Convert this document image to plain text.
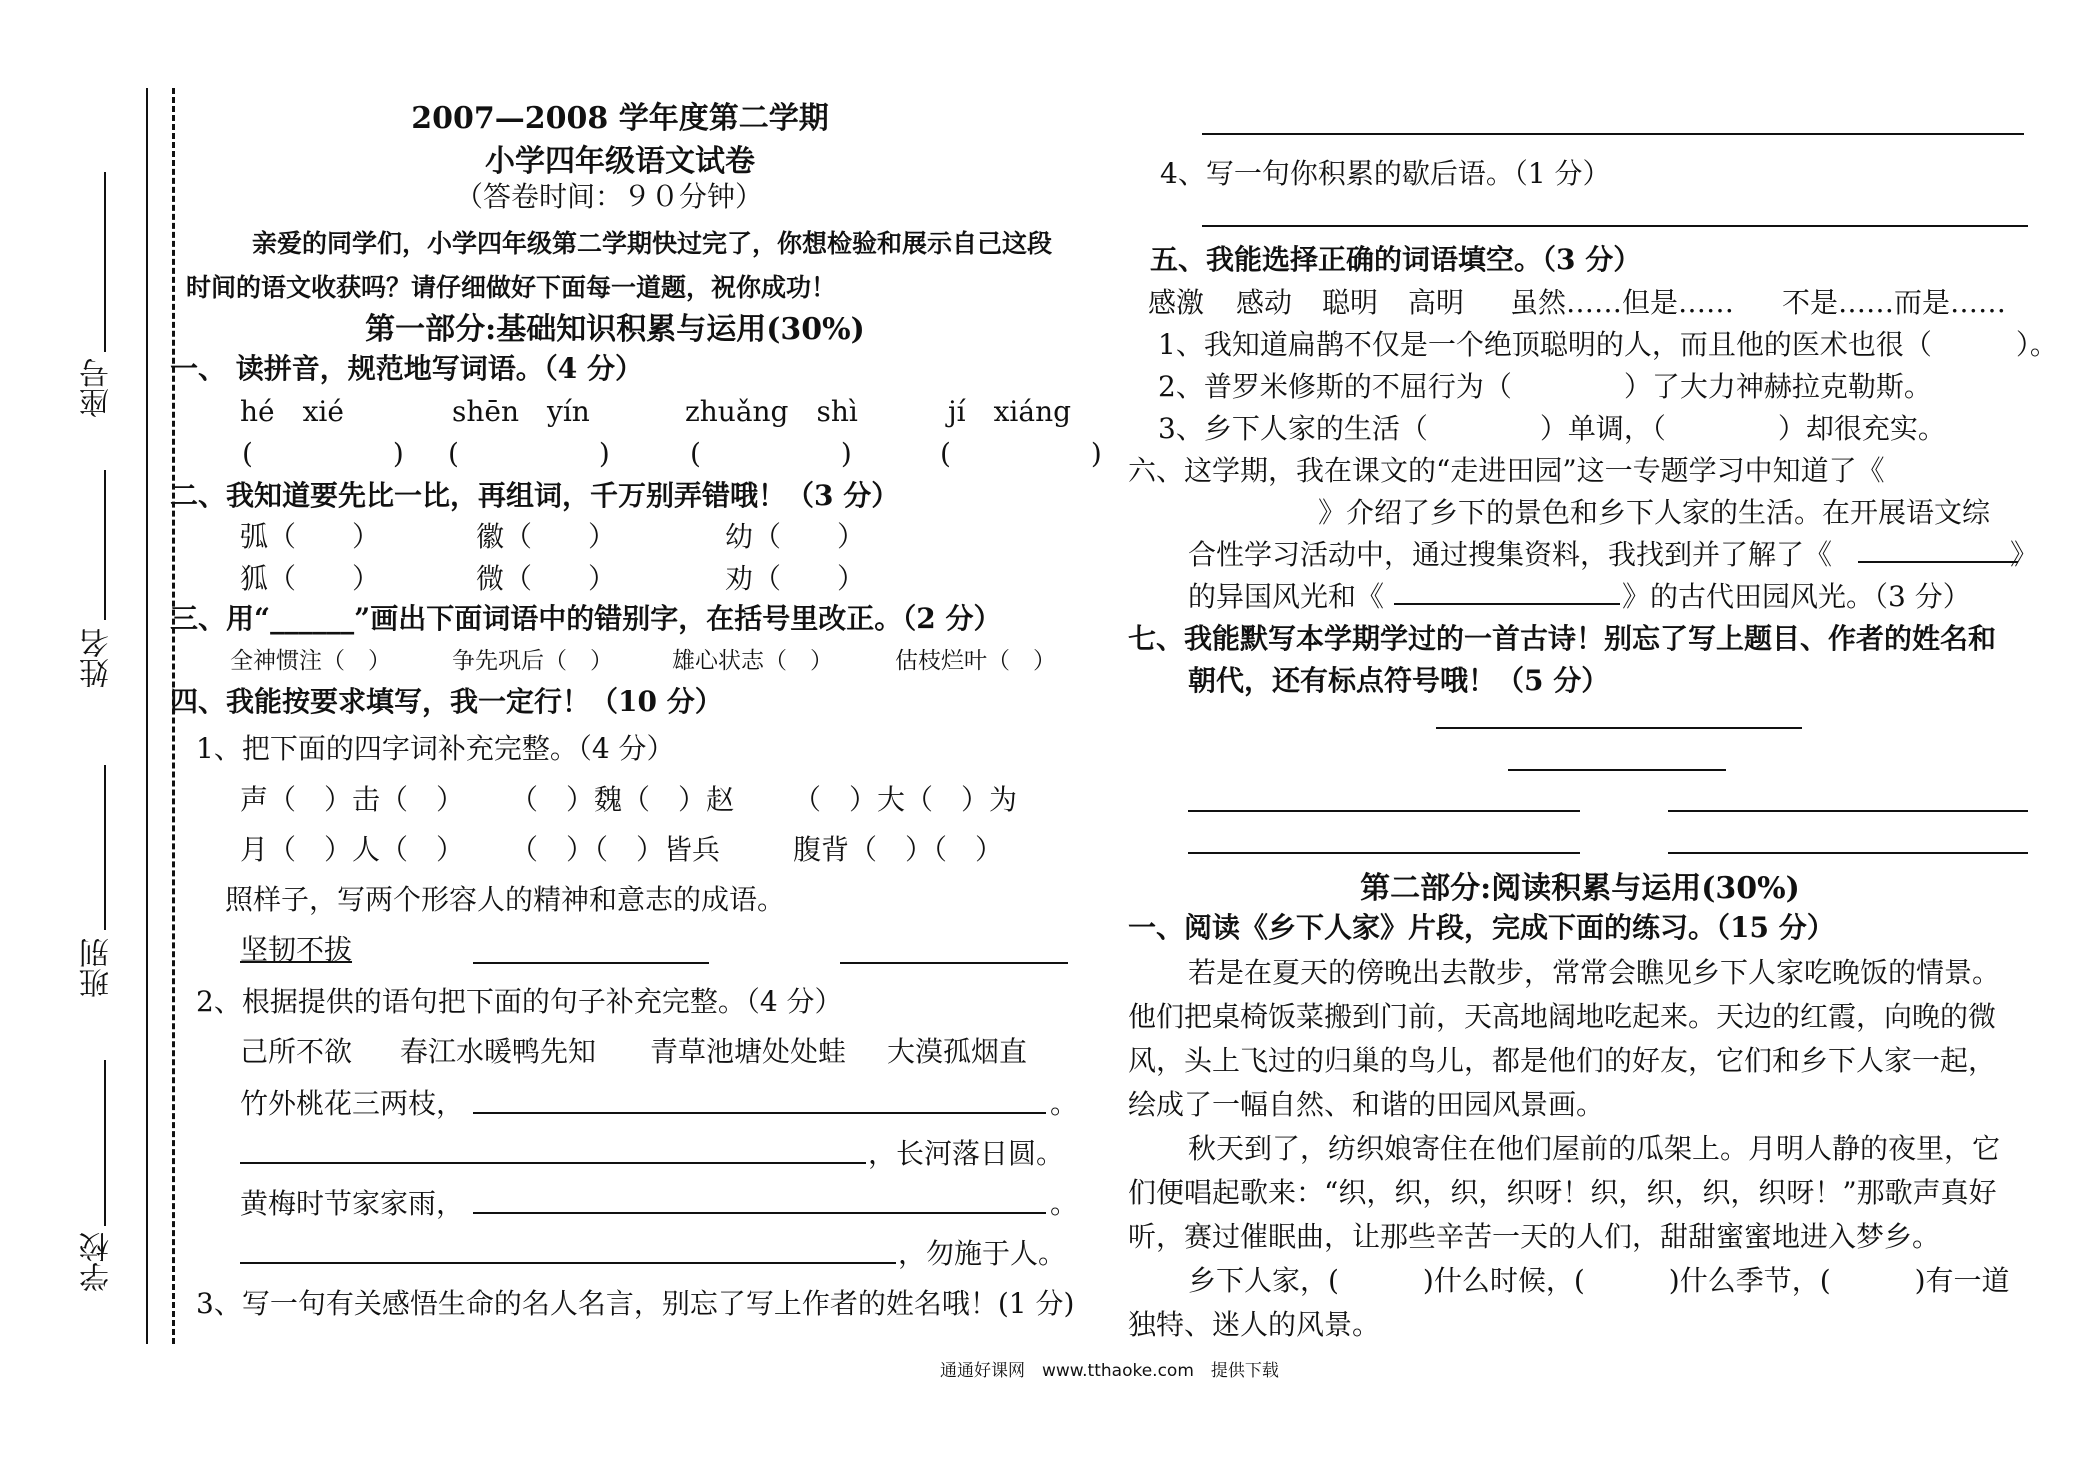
座号
姓名
班别
学校
2007—2008 学年度第二学期
小学四年级语文试卷
（答卷时间：９０分钟）
亲爱的同学们，小学四年级第二学期快过完了，你想检验和展示自己这段
时间的语文收获吗？请仔细做好下面每一道题，祝你成功！
第一部分:基础知识积累与运用(30%)
一、 读拼音，规范地写词语。（4 分）
hé　xié	shēn　yín	zhuǎng　shì	jí　xiáng
(　　　　　) (　　　　　)	(　　　　　)	(　　　　　)
二、我知道要先比一比，再组词，千万别弄错哦！（3 分）
弧（　　）	徽（　　）	幼（　　）
狐（　　）	微（　　）	劝（　　）
三、用“______”画出下面词语中的错别字，在括号里改正。（2 分）
全神惯注（　）	争先巩后（　）	雄心状志（　）	估枝烂叶（　）
四、我能按要求填写，我一定行！（10 分）
1、把下面的四字词补充完整。（4 分）
声（　）击（　） （　）魏（　）赵 （　）大（　）为
月（　）人（　） （　）（　）皆兵	腹背（　）（　）
照样子，写两个形容人的精神和意志的成语。
坚韧不拔
2、根据提供的语句把下面的句子补充完整。（4 分）
己所不欲 春江水暖鸭先知 青草池塘处处蛙 大漠孤烟直
竹外桃花三两枝，	。
，长河落日圆。
黄梅时节家家雨，	。
，勿施于人。
3、写一句有关感悟生命的名人名言，别忘了写上作者的姓名哦！(1 分)
4、写一句你积累的歇后语。（1 分）
五、我能选择正确的词语填空。（3 分）
感激 感动 聪明 高明 虽然……但是…… 不是……而是……
1、我知道扁鹊不仅是一个绝顶聪明的人，而且他的医术也很（　　　）。
2、普罗米修斯的不屈行为（　　　　）了大力神赫拉克勒斯。
3、乡下人家的生活（　　　　）单调，（　　　　）却很充实。
六、这学期，我在课文的“走进田园”这一专题学习中知道了《
》介绍了乡下的景色和乡下人家的生活。在开展语文综
合性学习活动中，通过搜集资料，我找到并了解了《	》
的异国风光和《	》的古代田园风光。（3 分）
七、我能默写本学期学过的一首古诗！别忘了写上题目、作者的姓名和
朝代，还有标点符号哦！（5 分）
第二部分:阅读积累与运用(30%)
一、阅读《乡下人家》片段，完成下面的练习。（15 分）
若是在夏天的傍晚出去散步，常常会瞧见乡下人家吃晚饭的情景。
他们把桌椅饭菜搬到门前，天高地阔地吃起来。天边的红霞，向晚的微
风，头上飞过的归巢的鸟儿，都是他们的好友，它们和乡下人家一起，
绘成了一幅自然、和谐的田园风景画。
秋天到了，纺织娘寄住在他们屋前的瓜架上。月明人静的夜里，它
们便唱起歌来：“织，织，织，织呀！织，织，织，织呀！”那歌声真好
听，赛过催眠曲，让那些辛苦一天的人们，甜甜蜜蜜地进入梦乡。
乡下人家，(　　　)什么时候，(　　　)什么季节，(　　　)有一道
独特、迷人的风景。
通通好课网　www.tthaoke.com　提供下载
